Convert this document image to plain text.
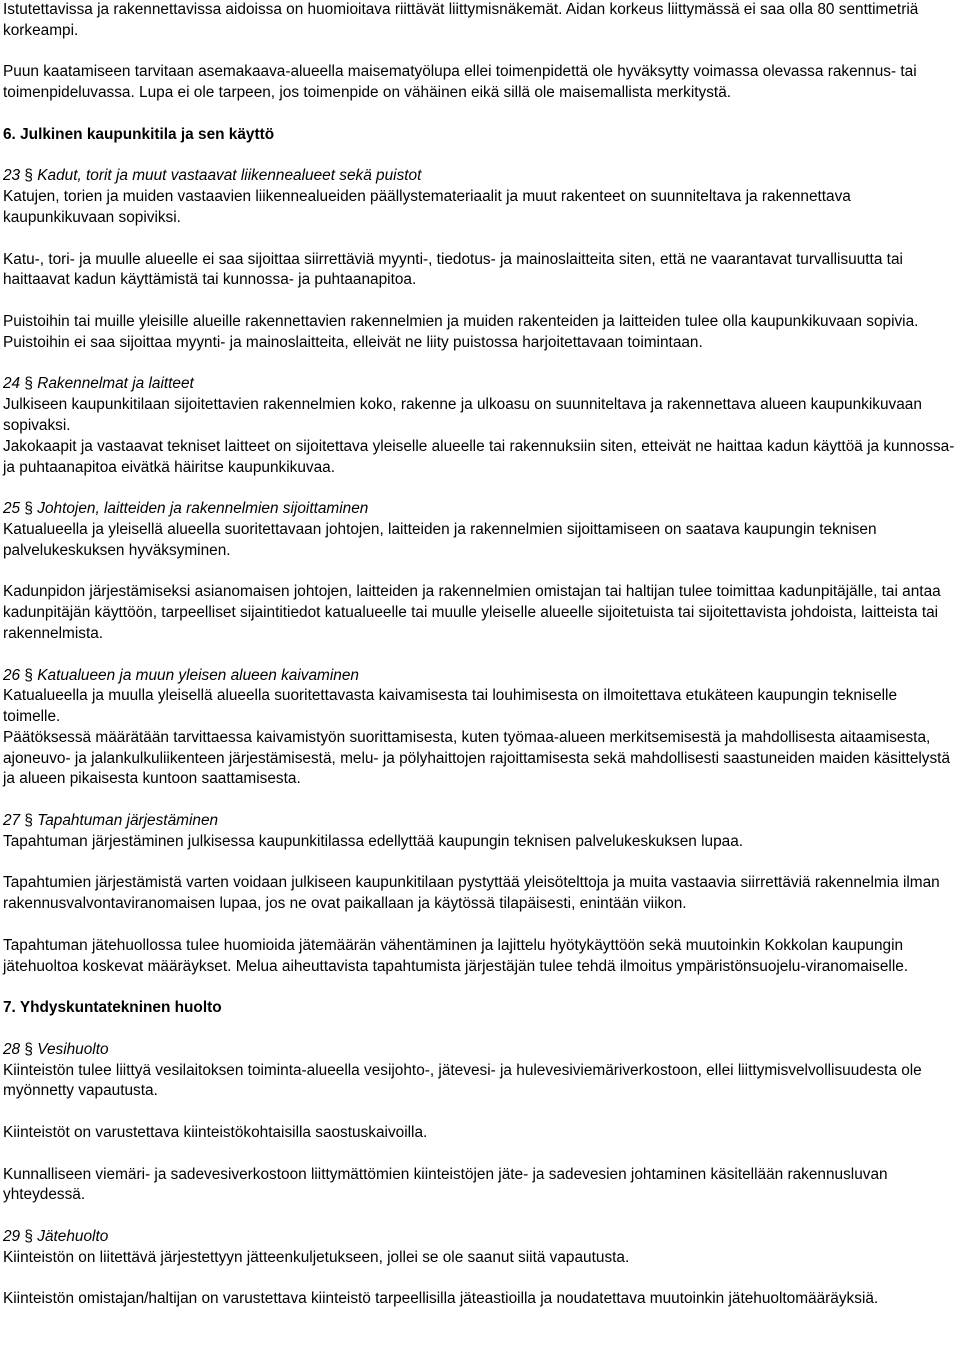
Istutettavissa ja rakennettavissa aidoissa on huomioitava riittävät liittymisnäkemät. Aidan korkeus liittymässä ei saa olla 80 senttimetriä korkeampi.

Puun kaatamiseen tarvitaan asemakaava-alueella maisematyölupa ellei toimenpidettä ole hyväksytty voimassa olevassa rakennus- tai toimenpideluvassa. Lupa ei ole tarpeen, jos toimenpide on vähäinen eikä sillä ole maisemallista merkitystä.

6. Julkinen kaupunkitila ja sen käyttö

23 § Kadut, torit ja muut vastaavat liikennealueet sekä puistot

Katujen, torien ja muiden vastaavien liikennealueiden päällystemateriaalit ja muut rakenteet on suunniteltava ja rakennettava kaupunkikuvaan sopiviksi.

Katu-, tori- ja muulle alueelle ei saa sijoittaa siirrettäviä myynti-, tiedotus- ja mainoslaitteita siten, että ne vaarantavat turvallisuutta tai haittaavat kadun käyttämistä tai kunnossa- ja puhtaanapitoa.

Puistoihin tai muille yleisille alueille rakennettavien rakennelmien ja muiden rakenteiden ja laitteiden tulee olla kaupunkikuvaan sopivia. Puistoihin ei saa sijoittaa myynti- ja mainoslaitteita, elleivät ne liity puistossa harjoitettavaan toimintaan.

24 § Rakennelmat ja laitteet

Julkiseen kaupunkitilaan sijoitettavien rakennelmien koko, rakenne ja ulkoasu on suunniteltava ja rakennettava alueen kaupunkikuvaan sopivaksi.

Jakokaapit ja vastaavat tekniset laitteet on sijoitettava yleiselle alueelle tai rakennuksiin siten, etteivät ne haittaa kadun käyttöä ja kunnossa- ja puhtaanapitoa eivätkä häiritse kaupunkikuvaa.

25 § Johtojen, laitteiden ja rakennelmien sijoittaminen

Katualueella ja yleisellä alueella suoritettavaan johtojen, laitteiden ja rakennelmien sijoittamiseen on saatava kaupungin teknisen palvelukeskuksen hyväksyminen.

Kadunpidon järjestämiseksi asianomaisen johtojen, laitteiden ja rakennelmien omistajan tai haltijan tulee toimittaa kadunpitäjälle, tai antaa kadunpitäjän käyttöön, tarpeelliset sijaintitiedot katualueelle tai muulle yleiselle alueelle sijoitetuista tai sijoitettavista johdoista, laitteista tai rakennelmista.

26 § Katualueen ja muun yleisen alueen kaivaminen

Katualueella ja muulla yleisellä alueella suoritettavasta kaivamisesta tai louhimisesta on ilmoitettava etukäteen kaupungin tekniselle toimelle.

Päätöksessä määrätään tarvittaessa kaivamistyön suorittamisesta, kuten työmaa-alueen merkitsemisestä ja mahdollisesta aitaamisesta, ajoneuvo- ja jalankulkuliikenteen järjestämisestä, melu- ja pölyhaittojen rajoittamisesta sekä mahdollisesti saastuneiden maiden käsittelystä ja alueen pikaisesta kuntoon saattamisesta.

27 § Tapahtuman järjestäminen

Tapahtuman järjestäminen julkisessa kaupunkitilassa edellyttää kaupungin teknisen palvelukeskuksen lupaa.

Tapahtumien järjestämistä varten voidaan julkiseen kaupunkitilaan pystyttää yleisötelttoja ja muita vastaavia siirrettäviä rakennelmia ilman rakennusvalvontaviranomaisen lupaa, jos ne ovat paikallaan ja käytössä tilapäisesti, enintään viikon.

Tapahtuman jätehuollossa tulee huomioida jätemäärän vähentäminen ja lajittelu hyötykäyttöön sekä muutoinkin Kokkolan kaupungin jätehuoltoa koskevat määräykset. Melua aiheuttavista tapahtumista järjestäjän tulee tehdä ilmoitus ympäristönsuojelu-viranomaiselle.

7. Yhdyskuntatekninen huolto

28 § Vesihuolto

Kiinteistön tulee liittyä vesilaitoksen toiminta-alueella vesijohto-, jätevesi- ja hulevesiviemäriverkostoon, ellei liittymisvelvollisuudesta ole myönnetty vapautusta.

Kiinteistöt on varustettava kiinteistökohtaisilla saostuskaivoilla.

Kunnalliseen viemäri- ja sadevesiverkostoon liittymättömien kiinteistöjen jäte- ja sadevesien johtaminen käsitellään rakennusluvan yhteydessä.

29 § Jätehuolto

Kiinteistön on liitettävä järjestettyyn jätteenkuljetukseen, jollei se ole saanut siitä vapautusta.

Kiinteistön omistajan/haltijan on varustettava kiinteistö tarpeellisilla jäteastioilla ja noudatettava muutoinkin jätehuoltomääräyksiä.
